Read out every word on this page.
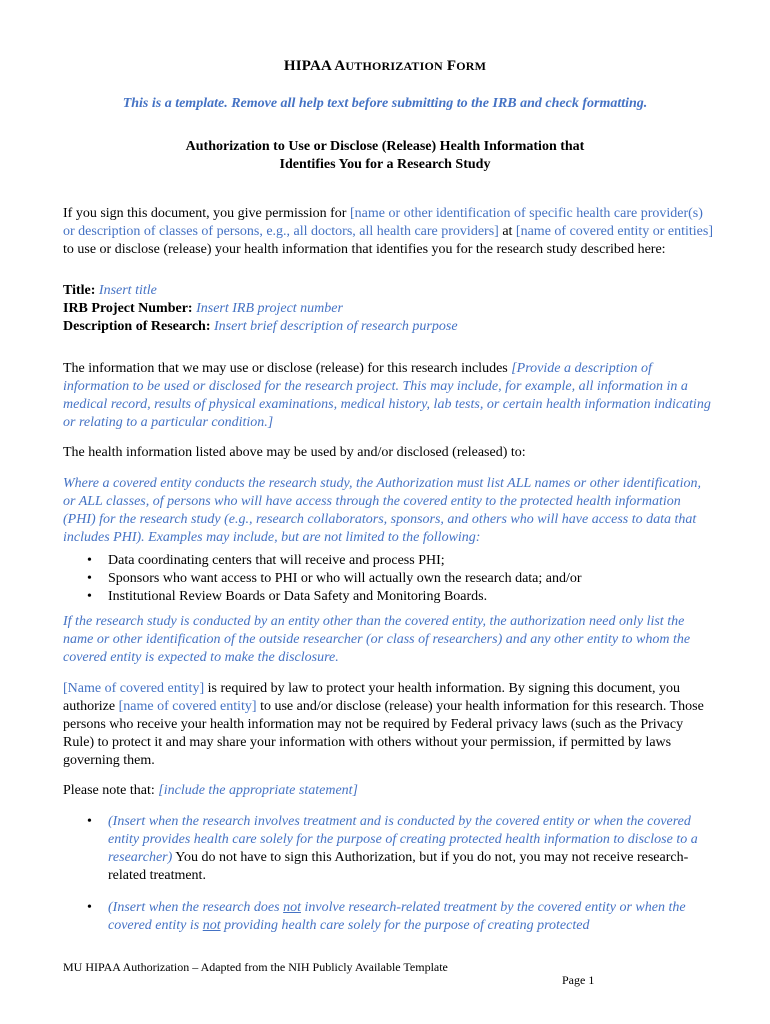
HIPAA AUTHORIZATION FORM
This is a template. Remove all help text before submitting to the IRB and check formatting.
Authorization to Use or Disclose (Release) Health Information that
Identifies You for a Research Study
If you sign this document, you give permission for [name or other identification of specific health care provider(s) or description of classes of persons, e.g., all doctors, all health care providers] at [name of covered entity or entities] to use or disclose (release) your health information that identifies you for the research study described here:
Title: Insert title
IRB Project Number: Insert IRB project number
Description of Research: Insert brief description of research purpose
The information that we may use or disclose (release) for this research includes [Provide a description of information to be used or disclosed for the research project. This may include, for example, all information in a medical record, results of physical examinations, medical history, lab tests, or certain health information indicating or relating to a particular condition.]
The health information listed above may be used by and/or disclosed (released) to:
Where a covered entity conducts the research study, the Authorization must list ALL names or other identification, or ALL classes, of persons who will have access through the covered entity to the protected health information (PHI) for the research study (e.g., research collaborators, sponsors, and others who will have access to data that includes PHI). Examples may include, but are not limited to the following:
• Data coordinating centers that will receive and process PHI;
• Sponsors who want access to PHI or who will actually own the research data; and/or
• Institutional Review Boards or Data Safety and Monitoring Boards.
If the research study is conducted by an entity other than the covered entity, the authorization need only list the name or other identification of the outside researcher (or class of researchers) and any other entity to whom the covered entity is expected to make the disclosure.
[Name of covered entity] is required by law to protect your health information. By signing this document, you authorize [name of covered entity] to use and/or disclose (release) your health information for this research. Those persons who receive your health information may not be required by Federal privacy laws (such as the Privacy Rule) to protect it and may share your information with others without your permission, if permitted by laws governing them.
Please note that: [include the appropriate statement]
• (Insert when the research involves treatment and is conducted by the covered entity or when the covered entity provides health care solely for the purpose of creating protected health information to disclose to a researcher) You do not have to sign this Authorization, but if you do not, you may not receive research-related treatment.
• (Insert when the research does not involve research-related treatment by the covered entity or when the covered entity is not providing health care solely for the purpose of creating protected
MU HIPAA Authorization – Adapted from the NIH Publicly Available Template
Page 1
